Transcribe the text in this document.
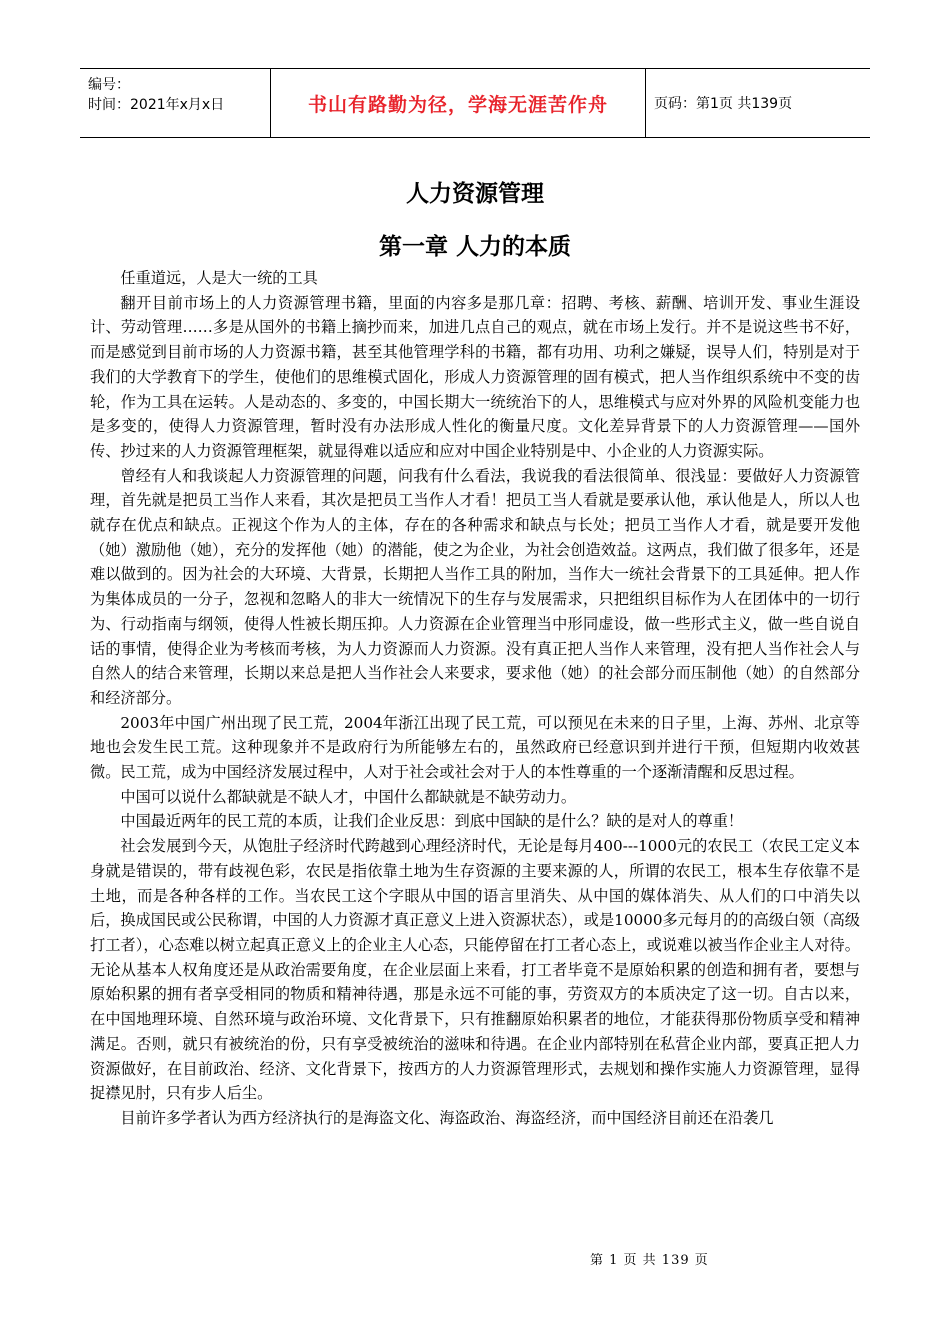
编号：
时间：2021年x月x日	书山有路勤为径，学海无涯苦作舟	页码：第1页 共139页
人力资源管理
第一章 人力的本质

任重道远，人是大一统的工具

翻开目前市场上的人力资源管理书籍，里面的内容多是那几章：招聘、考核、薪酬、培训开发、事业生涯设计、劳动管理……多是从国外的书籍上摘抄而来，加进几点自己的观点，就在市场上发行。并不是说这些书不好，而是感觉到目前市场的人力资源书籍，甚至其他管理学科的书籍，都有功用、功利之嫌疑，误导人们，特别是对于我们的大学教育下的学生，使他们的思维模式固化，形成人力资源管理的固有模式，把人当作组织系统中不变的齿轮，作为工具在运转。人是动态的、多变的，中国长期大一统统治下的人，思维模式与应对外界的风险机变能力也是多变的，使得人力资源管理，暂时没有办法形成人性化的衡量尺度。文化差异背景下的人力资源管理——国外传、抄过来的人力资源管理框架，就显得难以适应和应对中国企业特别是中、小企业的人力资源实际。

曾经有人和我谈起人力资源管理的问题，问我有什么看法，我说我的看法很简单、很浅显：要做好人力资源管理，首先就是把员工当作人来看，其次是把员工当作人才看！把员工当人看就是要承认他，承认他是人，所以人也就存在优点和缺点。正视这个作为人的主体，存在的各种需求和缺点与长处；把员工当作人才看，就是要开发他（她）激励他（她），充分的发挥他（她）的潜能，使之为企业，为社会创造效益。这两点，我们做了很多年，还是难以做到的。因为社会的大环境、大背景，长期把人当作工具的附加，当作大一统社会背景下的工具延伸。把人作为集体成员的一分子，忽视和忽略人的非大一统情况下的生存与发展需求，只把组织目标作为人在团体中的一切行为、行动指南与纲领，使得人性被长期压抑。人力资源在企业管理当中形同虚设，做一些形式主义，做一些自说自话的事情，使得企业为考核而考核，为人力资源而人力资源。没有真正把人当作人来管理，没有把人当作社会人与自然人的结合来管理，长期以来总是把人当作社会人来要求，要求他（她）的社会部分而压制他（她）的自然部分和经济部分。

2003年中国广州出现了民工荒，2004年浙江出现了民工荒，可以预见在未来的日子里，上海、苏州、北京等地也会发生民工荒。这种现象并不是政府行为所能够左右的，虽然政府已经意识到并进行干预，但短期内收效甚微。民工荒，成为中国经济发展过程中，人对于社会或社会对于人的本性尊重的一个逐渐清醒和反思过程。

中国可以说什么都缺就是不缺人才，中国什么都缺就是不缺劳动力。

中国最近两年的民工荒的本质，让我们企业反思：到底中国缺的是什么？缺的是对人的尊重！

社会发展到今天，从饱肚子经济时代跨越到心理经济时代，无论是每月400---1000元的农民工（农民工定义本身就是错误的，带有歧视色彩，农民是指依靠土地为生存资源的主要来源的人，所谓的农民工，根本生存依靠不是土地，而是各种各样的工作。当农民工这个字眼从中国的语言里消失、从中国的媒体消失、从人们的口中消失以后，换成国民或公民称谓，中国的人力资源才真正意义上进入资源状态），或是10000多元每月的的高级白领（高级打工者），心态难以树立起真正意义上的企业主人心态，只能停留在打工者心态上，或说难以被当作企业主人对待。无论从基本人权角度还是从政治需要角度，在企业层面上来看，打工者毕竟不是原始积累的创造和拥有者，要想与原始积累的拥有者享受相同的物质和精神待遇，那是永远不可能的事，劳资双方的本质决定了这一切。自古以来，在中国地理环境、自然环境与政治环境、文化背景下，只有推翻原始积累者的地位，才能获得那份物质享受和精神满足。否则，就只有被统治的份，只有享受被统治的滋味和待遇。在企业内部特别在私营企业内部，要真正把人力资源做好，在目前政治、经济、文化背景下，按西方的人力资源管理形式，去规划和操作实施人力资源管理，显得捉襟见肘，只有步人后尘。

目前许多学者认为西方经济执行的是海盗文化、海盗政治、海盗经济，而中国经济目前还在沿袭几

第 1 页 共 139 页
